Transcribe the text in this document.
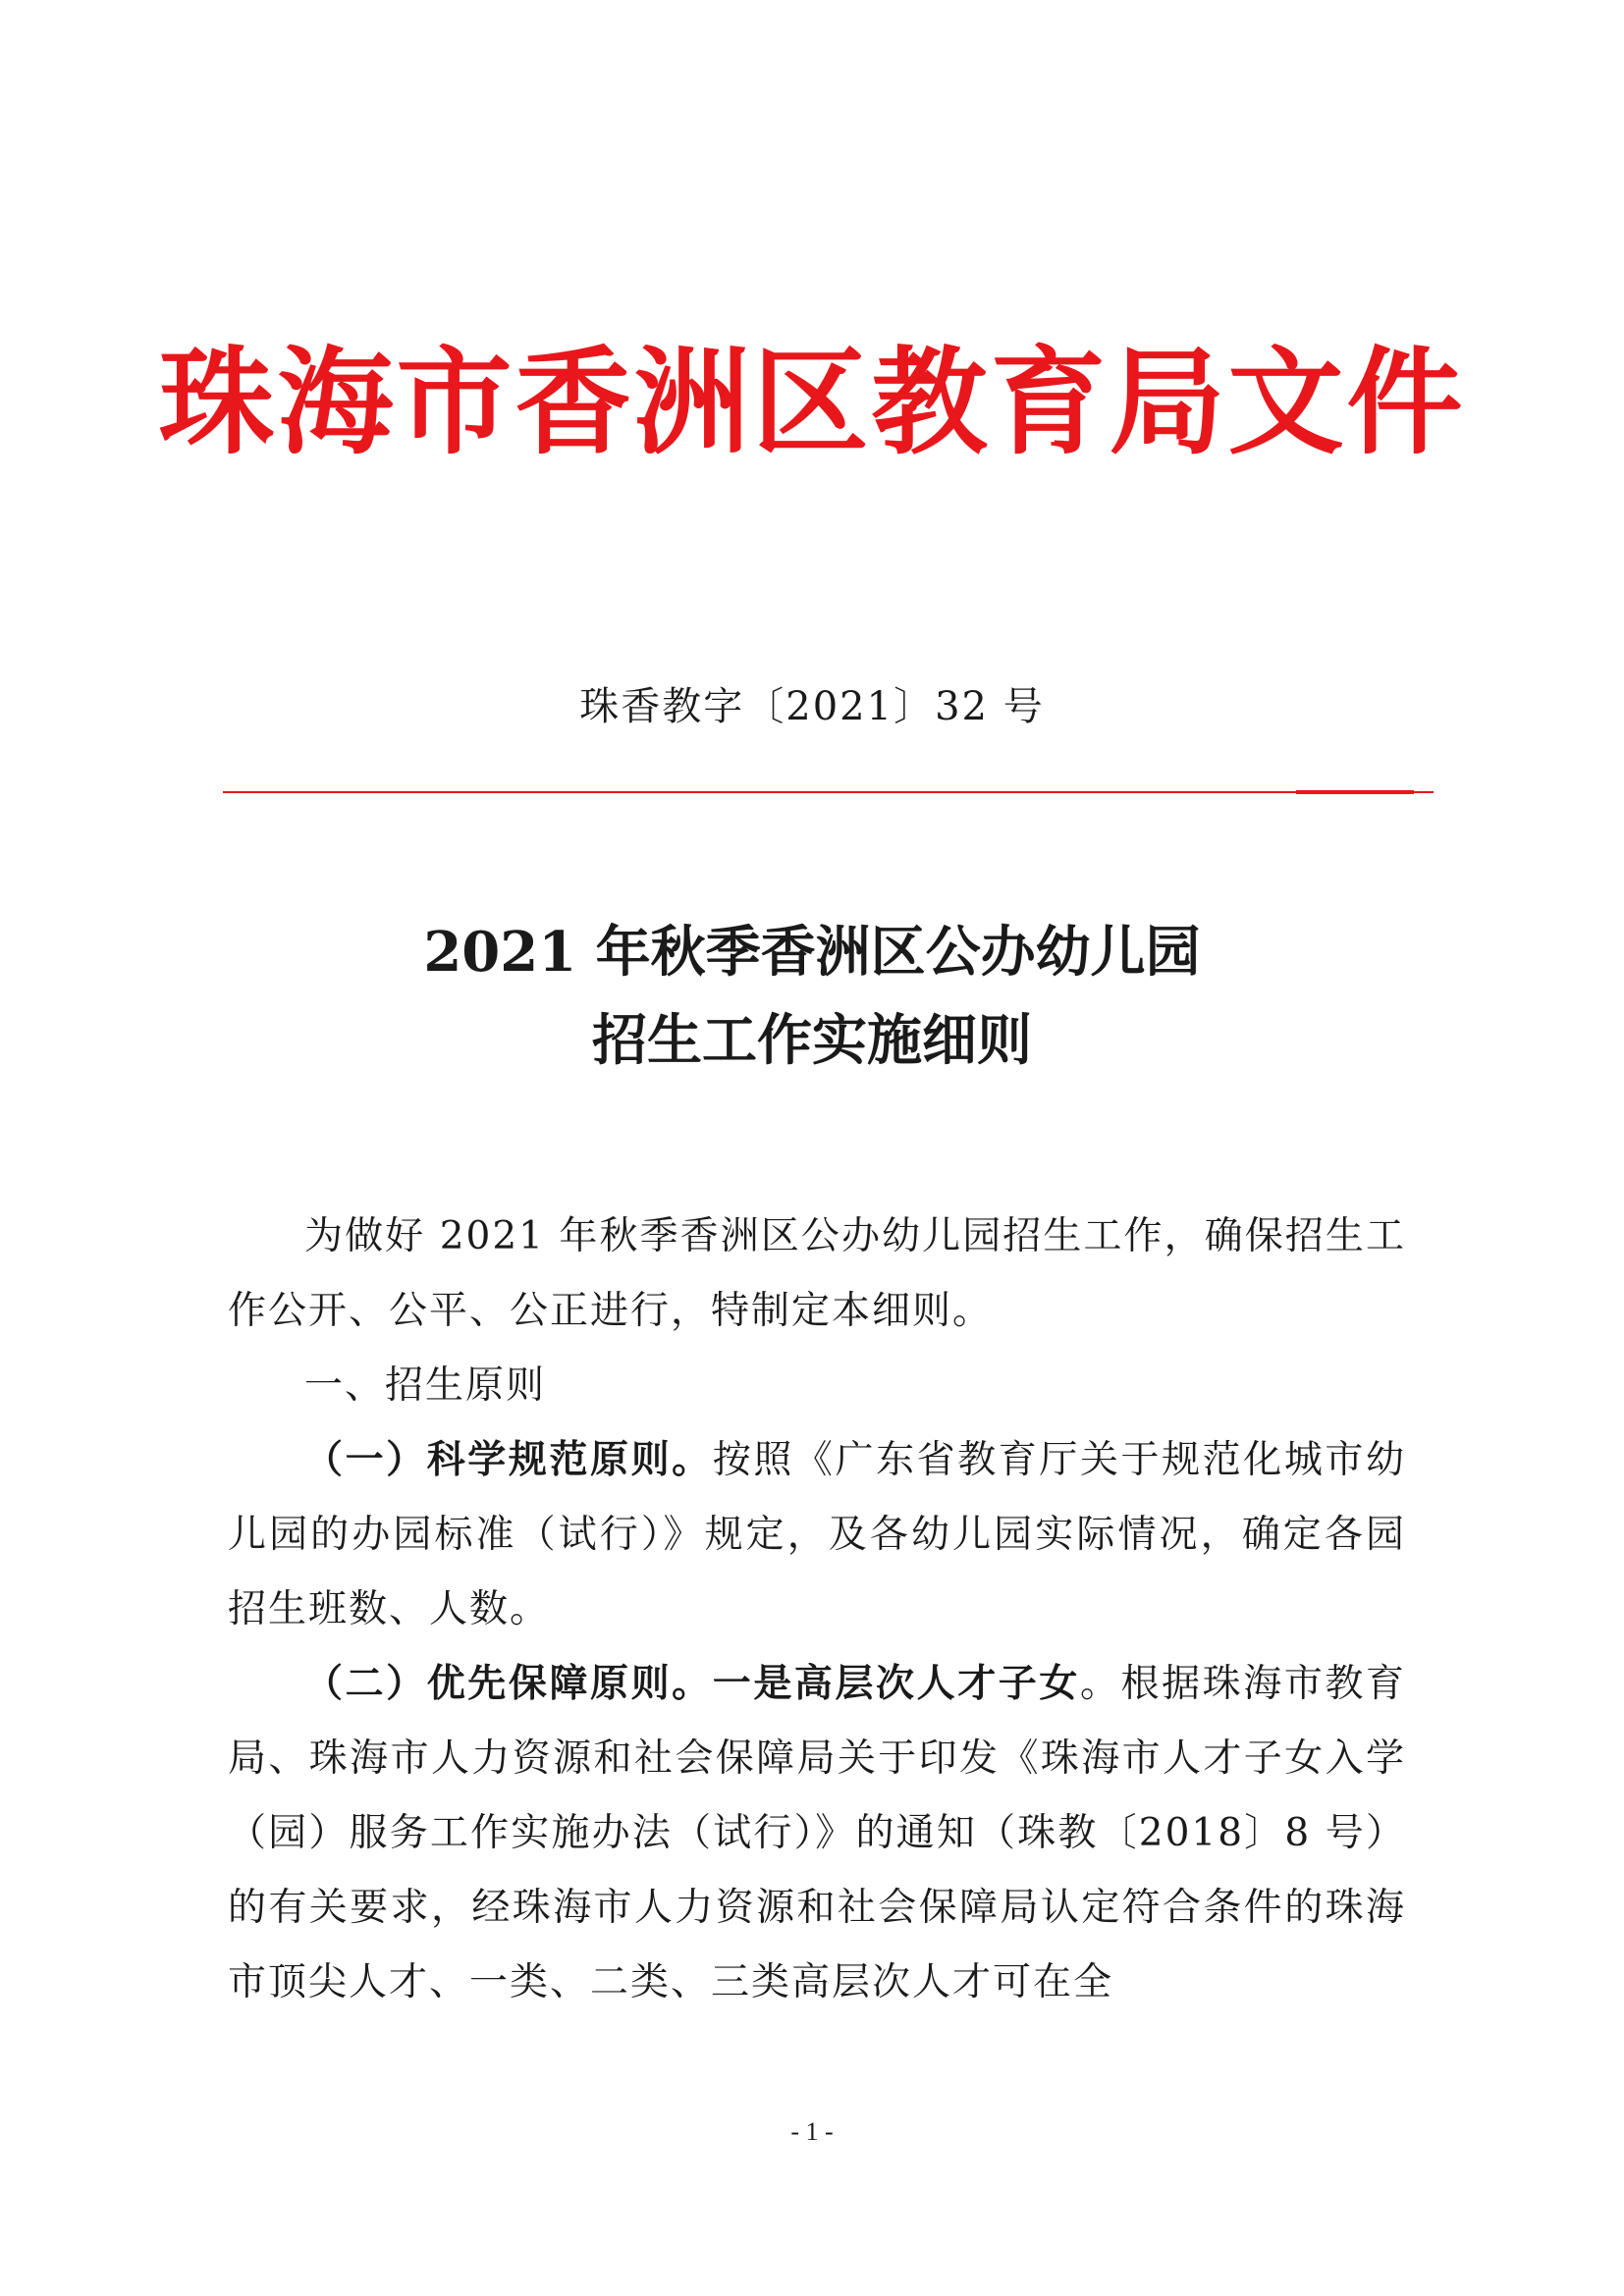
珠海市香洲区教育局文件
珠香教字〔2021〕32 号
2021 年秋季香洲区公办幼儿园
招生工作实施细则

为做好 2021 年秋季香洲区公办幼儿园招生工作，确保招生工作公开、公平、公正进行，特制定本细则。

一、招生原则

（一）科学规范原则。按照《广东省教育厅关于规范化城市幼儿园的办园标准（试行）》规定，及各幼儿园实际情况，确定各园招生班数、人数。

（二）优先保障原则。一是高层次人才子女。根据珠海市教育局、珠海市人力资源和社会保障局关于印发《珠海市人才子女入学（园）服务工作实施办法（试行）》的通知（珠教〔2018〕8 号）的有关要求，经珠海市人力资源和社会保障局认定符合条件的珠海市顶尖人才、一类、二类、三类高层次人才可在全

- 1 -
